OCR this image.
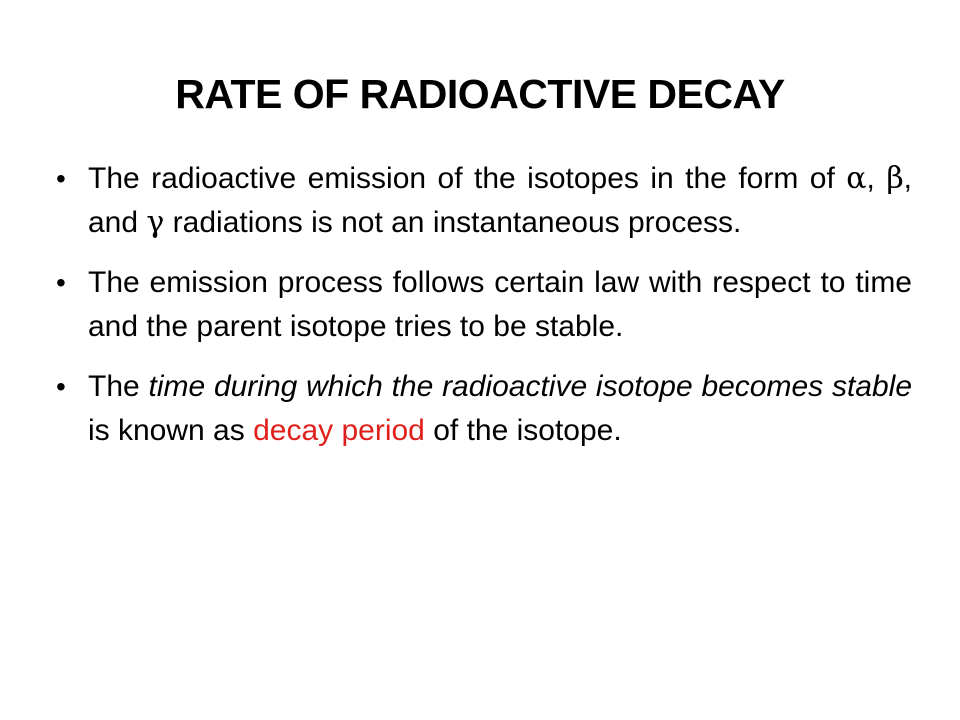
RATE OF RADIOACTIVE DECAY
• The radioactive emission of the isotopes in the form of α, β,   and γ radiations is not an instantaneous process.
• The emission process follows certain law with respect to time and the parent isotope tries to be stable.
• The time during which the radioactive isotope becomes stable is known as decay period of the isotope.
